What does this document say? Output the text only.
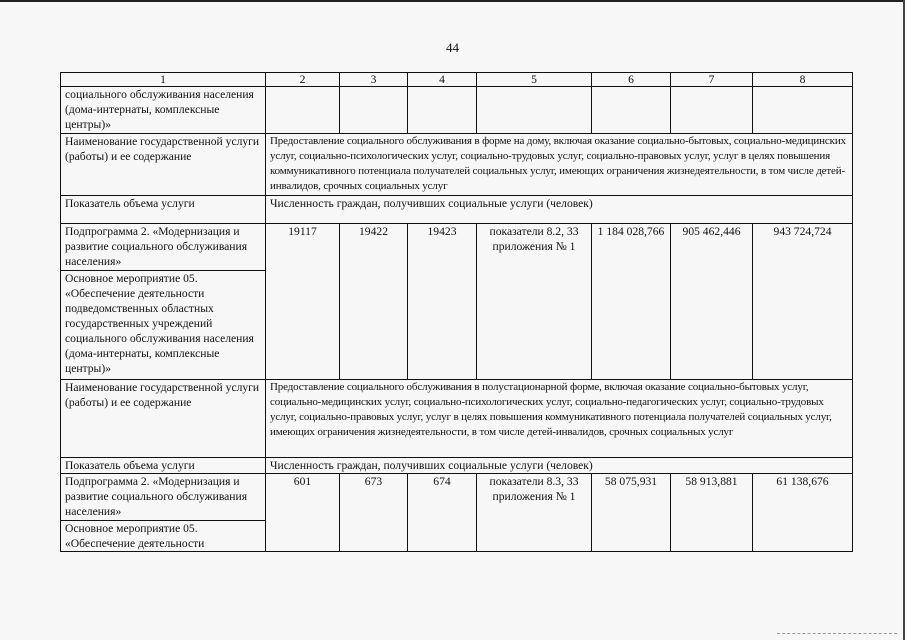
44
1	2	3	4	5	6	7	8
социального обслуживания населения (дома-интернаты, комплексные центры)»							
Наименование государственной услуги (работы) и ее содержание	Предоставление социального обслуживания в форме на дому, включая оказание социально-бытовых, социально-медицинских услуг, социально-психологических услуг, социально-трудовых услуг, социально-правовых услуг, услуг в целях повышения коммуникативного потенциала получателей социальных услуг, имеющих ограничения жизнедеятельности, в том числе детей-инвалидов, срочных социальных услуг						
Показатель объема услуги	Численность граждан, получивших социальные услуги (человек)						
Подпрограмма 2. «Модернизация и развитие социального обслуживания населения»	19117	19422	19423	показатели 8.2, 33 приложения № 1	1 184 028,766	905 462,446	943 724,724
Основное мероприятие 05. «Обеспечение деятельности подведомственных областных государственных учреждений социального обслуживания населения (дома-интернаты, комплексные центры)»							
Наименование государственной услуги (работы) и ее содержание	Предоставление социального обслуживания в полустационарной форме, включая оказание социально-бытовых услуг, социально-медицинских услуг, социально-психологических услуг, социально-педагогических услуг, социально-трудовых услуг, социально-правовых услуг, услуг в целях повышения коммуникативного потенциала получателей социальных услуг, имеющих ограничения жизнедеятельности, в том числе детей-инвалидов, срочных социальных услуг						
Показатель объема услуги	Численность граждан, получивших социальные услуги (человек)						
Подпрограмма 2. «Модернизация и развитие социального обслуживания населения»	601	673	674	показатели 8.3, 33 приложения № 1	58 075,931	58 913,881	61 138,676
Основное мероприятие 05. «Обеспечение деятельности							
